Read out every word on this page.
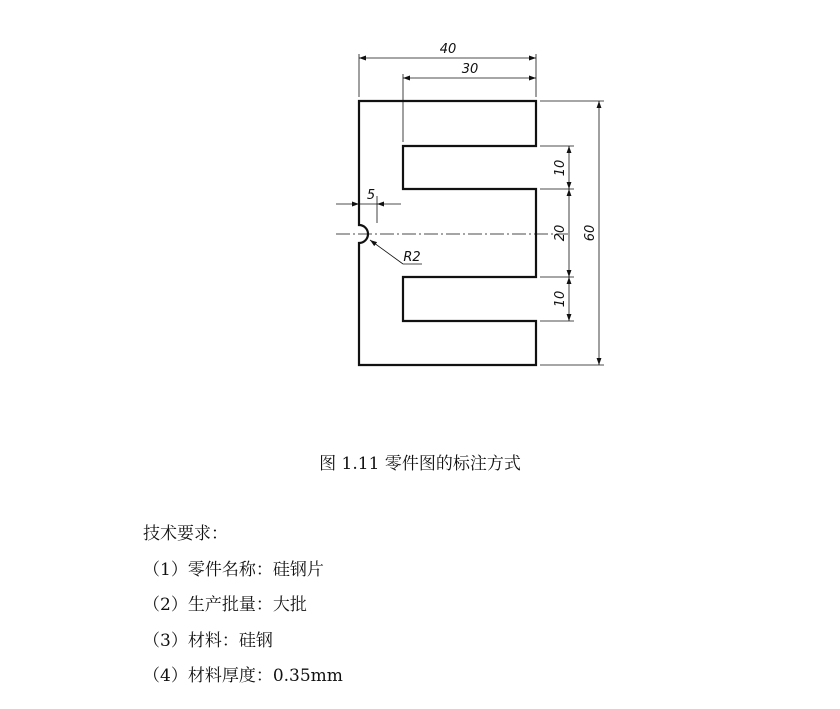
40
30
5
R2
10
20
10
60
图 1.11 零件图的标注方式
技术要求：
（1）零件名称：硅钢片
（2）生产批量：大批
（3）材料：硅钢
（4）材料厚度：0.35mm
